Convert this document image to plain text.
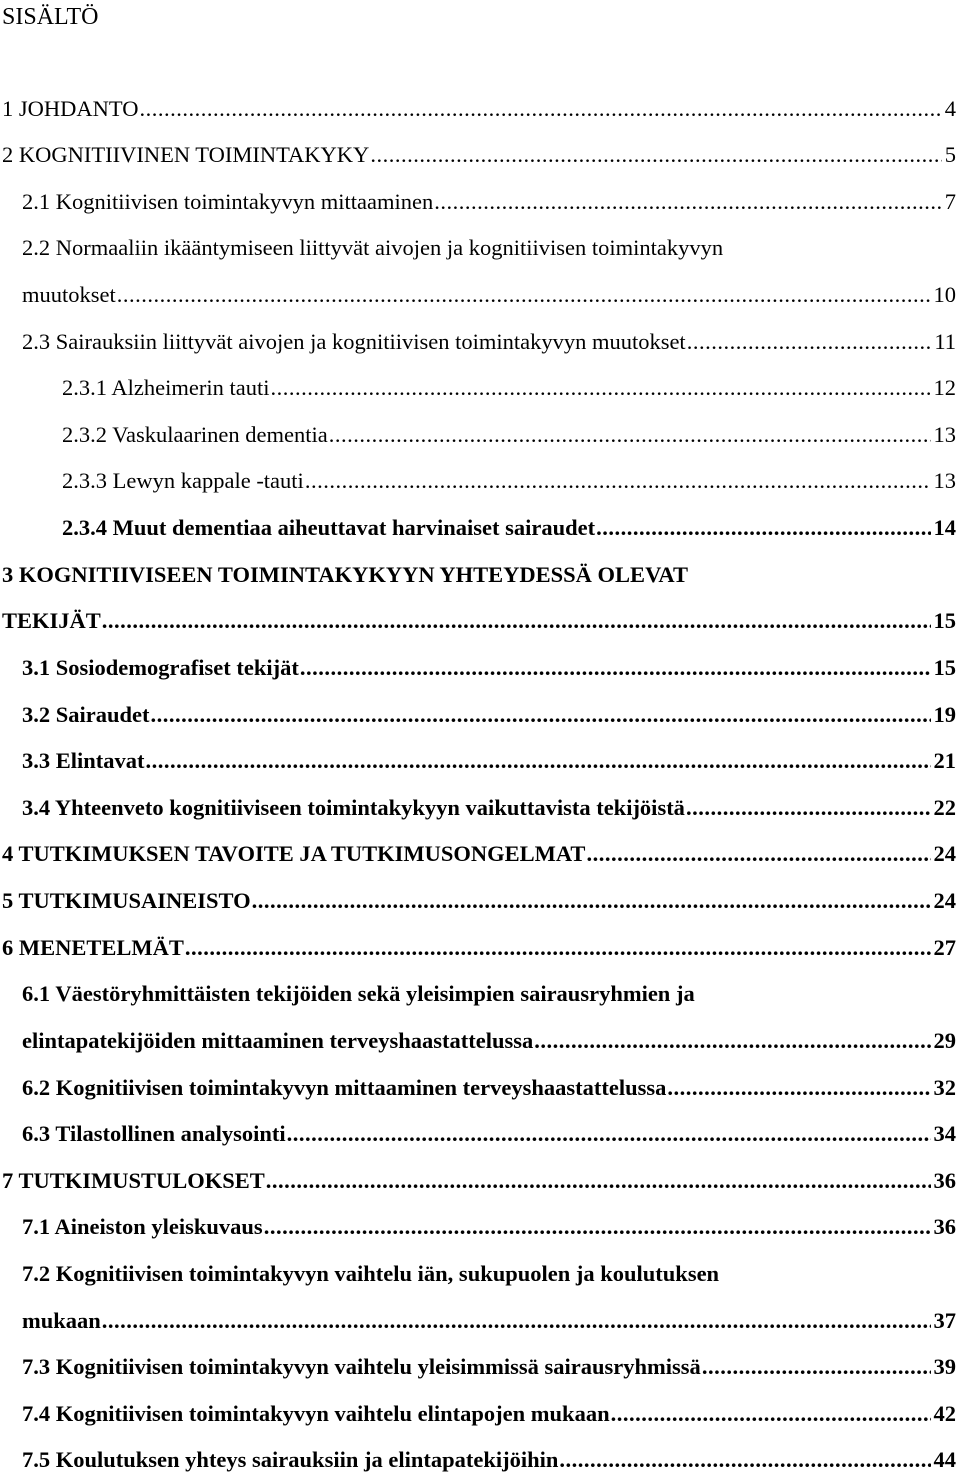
SISÄLTÖ
1 JOHDANTO .....	4
2 KOGNITIIVINEN TOIMINTAKYKY .....	5
2.1 Kognitiivisen toimintakyvyn mittaaminen .....	7
2.2 Normaaliin ikääntymiseen liittyvät aivojen ja kognitiivisen toimintakyvyn
muutokset .....	10
2.3 Sairauksiin liittyvät aivojen ja kognitiivisen toimintakyvyn muutokset .....	11
2.3.1 Alzheimerin tauti .....	12
2.3.2 Vaskulaarinen dementia .....	13
2.3.3 Lewyn kappale -tauti .....	13
2.3.4 Muut dementiaa aiheuttavat harvinaiset sairaudet .....	14
3 KOGNITIIVISEEN TOIMINTAKYKYYN YHTEYDESSÄ OLEVAT
TEKIJÄT .....	15
3.1 Sosiodemografiset tekijät .....	15
3.2 Sairaudet .....	19
3.3 Elintavat .....	21
3.4 Yhteenveto kognitiiviseen toimintakykyyn vaikuttavista tekijöistä .....	22
4 TUTKIMUKSEN TAVOITE JA TUTKIMUSONGELMAT .....	24
5 TUTKIMUSAINEISTO .....	24
6 MENETELMÄT .....	27
6.1 Väestöryhmittäisten tekijöiden sekä yleisimpien sairausryhmien ja
elintapatekijöiden mittaaminen terveyshaastattelussa .....	29
6.2 Kognitiivisen toimintakyvyn mittaaminen terveyshaastattelussa .....	32
6.3 Tilastollinen analysointi .....	34
7 TUTKIMUSTULOKSET .....	36
7.1 Aineiston yleiskuvaus .....	36
7.2 Kognitiivisen toimintakyvyn vaihtelu iän, sukupuolen ja koulutuksen
mukaan .....	37
7.3 Kognitiivisen toimintakyvyn vaihtelu yleisimmissä sairausryhmissä .....	39
7.4 Kognitiivisen toimintakyvyn vaihtelu elintapojen mukaan .....	42
7.5 Koulutuksen yhteys sairauksiin ja elintapatekijöihin .....	44
